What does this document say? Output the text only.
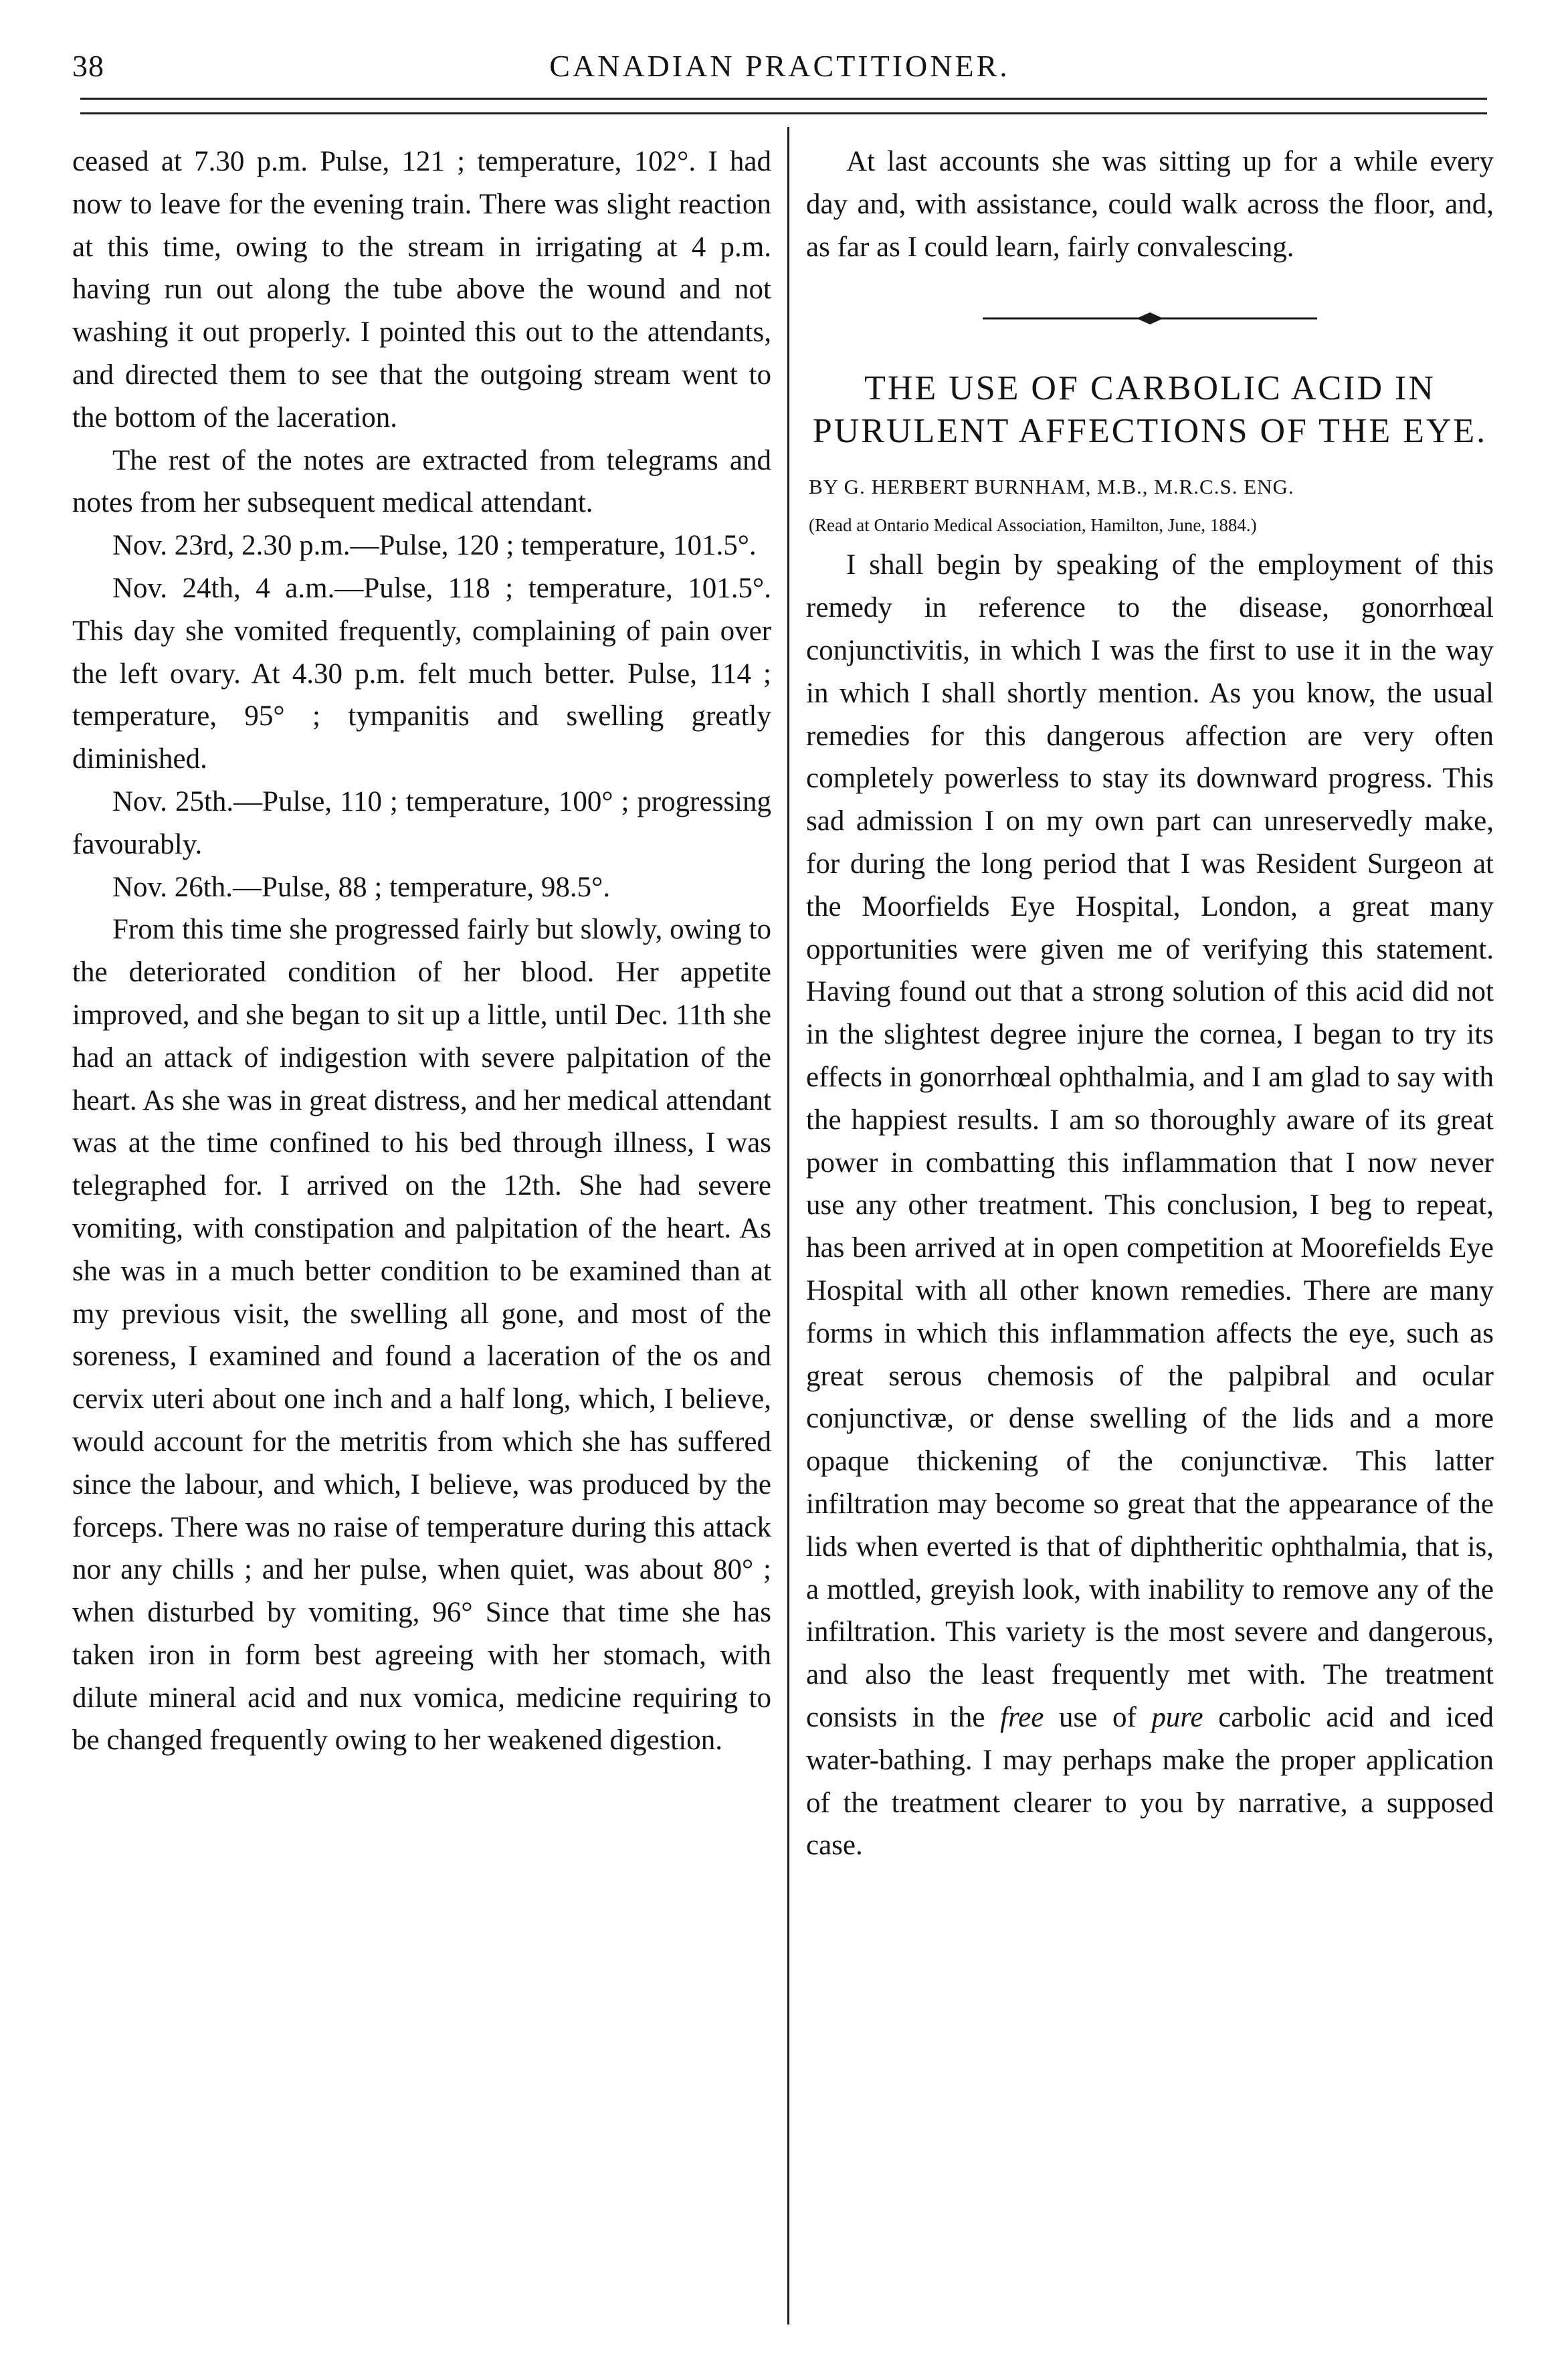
38	CANADIAN PRACTITIONER.

ceased at 7.30 p.m. Pulse, 121 ; temperature, 102°. I had now to leave for the evening train. There was slight reaction at this time, owing to the stream in irrigating at 4 p.m. having run out along the tube above the wound and not washing it out properly. I pointed this out to the attendants, and directed them to see that the outgoing stream went to the bottom of the laceration.

The rest of the notes are extracted from telegrams and notes from her subsequent medical attendant.

Nov. 23rd, 2.30 p.m.—Pulse, 120 ; temperature, 101.5°.

Nov. 24th, 4 a.m.—Pulse, 118 ; temperature, 101.5°. This day she vomited frequently, complaining of pain over the left ovary. At 4.30 p.m. felt much better. Pulse, 114 ; temperature, 95° ; tympanitis and swelling greatly diminished.

Nov. 25th.—Pulse, 110 ; temperature, 100° ; progressing favourably.

Nov. 26th.—Pulse, 88 ; temperature, 98.5°.

From this time she progressed fairly but slowly, owing to the deteriorated condition of her blood. Her appetite improved, and she began to sit up a little, until Dec. 11th she had an attack of indigestion with severe palpitation of the heart. As she was in great distress, and her medical attendant was at the time confined to his bed through illness, I was telegraphed for. I arrived on the 12th. She had severe vomiting, with constipation and palpitation of the heart. As she was in a much better condition to be examined than at my previous visit, the swelling all gone, and most of the soreness, I examined and found a laceration of the os and cervix uteri about one inch and a half long, which, I believe, would account for the metritis from which she has suffered since the labour, and which, I believe, was produced by the forceps. There was no raise of temperature during this attack nor any chills ; and her pulse, when quiet, was about 80° ; when disturbed by vomiting, 96° Since that time she has taken iron in form best agreeing with her stomach, with dilute mineral acid and nux vomica, medicine requiring to be changed frequently owing to her weakened digestion.

At last accounts she was sitting up for a while every day and, with assistance, could walk across the floor, and, as far as I could learn, fairly convalescing.

THE USE OF CARBOLIC ACID IN PURULENT AFFECTIONS OF THE EYE.

BY G. HERBERT BURNHAM, M.B., M.R.C.S. ENG.

(Read at Ontario Medical Association, Hamilton, June, 1884.)

I shall begin by speaking of the employment of this remedy in reference to the disease, gonorrhœal conjunctivitis, in which I was the first to use it in the way in which I shall shortly mention. As you know, the usual remedies for this dangerous affection are very often completely powerless to stay its downward progress. This sad admission I on my own part can unreservedly make, for during the long period that I was Resident Surgeon at the Moorfields Eye Hospital, London, a great many opportunities were given me of verifying this statement. Having found out that a strong solution of this acid did not in the slightest degree injure the cornea, I began to try its effects in gonorrhœal ophthalmia, and I am glad to say with the happiest results. I am so thoroughly aware of its great power in combatting this inflammation that I now never use any other treatment. This conclusion, I beg to repeat, has been arrived at in open competition at Moorefields Eye Hospital with all other known remedies. There are many forms in which this inflammation affects the eye, such as great serous chemosis of the palpibral and ocular conjunctivæ, or dense swelling of the lids and a more opaque thickening of the conjunctivæ. This latter infiltration may become so great that the appearance of the lids when everted is that of diphtheritic ophthalmia, that is, a mottled, greyish look, with inability to remove any of the infiltration. This variety is the most severe and dangerous, and also the least frequently met with. The treatment consists in the free use of pure carbolic acid and iced water-bathing. I may perhaps make the proper application of the treatment clearer to you by narrative, a supposed case.
